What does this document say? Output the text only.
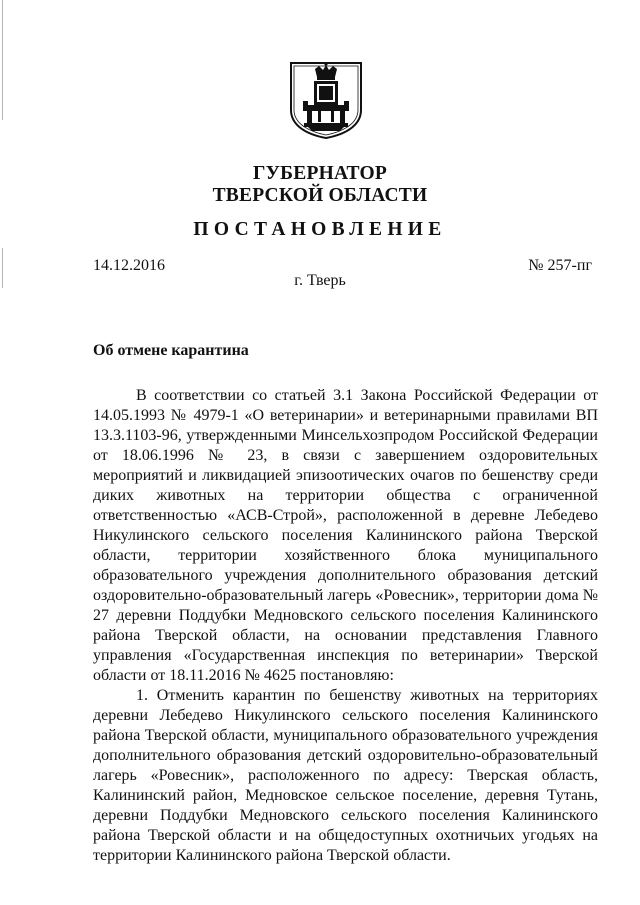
ГУБЕРНАТОР
ТВЕРСКОЙ ОБЛАСТИ
ПОСТАНОВЛЕНИЕ
14.12.2016	№ 257-пг
г. Тверь
Об отмене карантина

В соответствии со статьей 3.1 Закона Российской Федерации от 14.05.1993 № 4979-1 «О ветеринарии» и ветеринарными правилами ВП 13.3.1103-96, утвержденными Минсельхозпродом Российской Федерации от 18.06.1996 № 23, в связи с завершением оздоровительных мероприятий и ликвидацией эпизоотических очагов по бешенству среди диких животных на территории общества с ограниченной ответственностью «АСВ-Строй», расположенной в деревне Лебедево Никулинского сельского поселения Калининского района Тверской области, территории хозяйственного блока муниципального образовательного учреждения дополнительного образования детский оздоровительно-образовательный лагерь «Ровесник», территории дома № 27 деревни Поддубки Медновского сельского поселения Калининского района Тверской области, на основании представления Главного управления «Государственная инспекция по ветеринарии» Тверской области от 18.11.2016 № 4625 постановляю:

1. Отменить карантин по бешенству животных на территориях деревни Лебедево Никулинского сельского поселения Калининского района Тверской области, муниципального образовательного учреждения дополнительного образования детский оздоровительно-образовательный лагерь «Ровесник», расположенного по адресу: Тверская область, Калининский район, Медновское сельское поселение, деревня Тутань, деревни Поддубки Медновского сельского поселения Калининского района Тверской области и на общедоступных охотничьих угодьях на территории Калининского района Тверской области.
